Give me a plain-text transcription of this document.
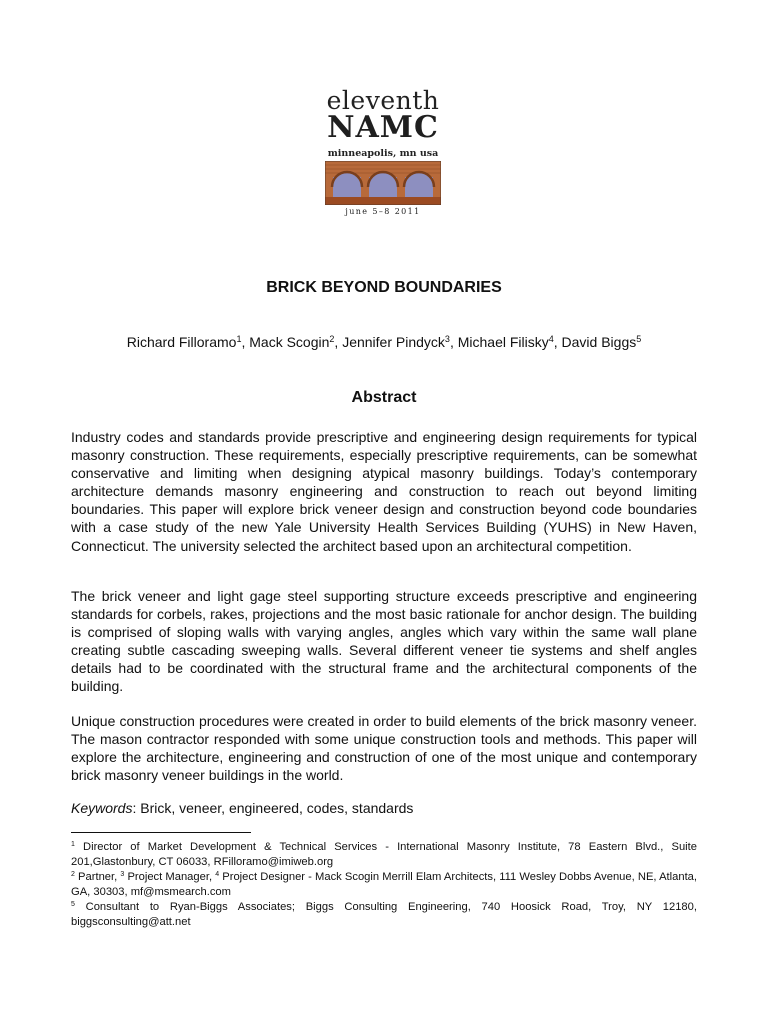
eleventh
NAMC
minneapolis, mn usa
june 5–8 2011
BRICK BEYOND BOUNDARIES
Richard Filloramo$^1$, Mack Scogin$^2$, Jennifer Pindyck$^3$, Michael Filisky$^4$, David Biggs$^5$
Abstract
Industry codes and standards provide prescriptive and engineering design requirements for typical masonry construction. These requirements, especially prescriptive requirements, can be somewhat conservative and limiting when designing atypical masonry buildings. Today’s contemporary architecture demands masonry engineering and construction to reach out beyond limiting boundaries. This paper will explore brick veneer design and construction beyond code boundaries with a case study of the new Yale University Health Services Building (YUHS) in New Haven, Connecticut. The university selected the architect based upon an architectural competition.
The brick veneer and light gage steel supporting structure exceeds prescriptive and engineering standards for corbels, rakes, projections and the most basic rationale for anchor design. The building is comprised of sloping walls with varying angles, angles which vary within the same wall plane creating subtle cascading sweeping walls. Several different veneer tie systems and shelf angles details had to be coordinated with the structural frame and the architectural components of the building.
Unique construction procedures were created in order to build elements of the brick masonry veneer. The mason contractor responded with some unique construction tools and methods. This paper will explore the architecture, engineering and construction of one of the most unique and contemporary brick masonry veneer buildings in the world.
Keywords: Brick, veneer, engineered, codes, standards
$^1$ Director of Market Development & Technical Services - International Masonry Institute, 78 Eastern Blvd., Suite 201,Glastonbury, CT 06033, RFilloramo@imiweb.org
$^2$ Partner, $^3$ Project Manager, $^4$ Project Designer - Mack Scogin Merrill Elam Architects, 111 Wesley Dobbs Avenue, NE, Atlanta, GA, 30303, mf@msmearch.com
$^5$ Consultant to Ryan-Biggs Associates; Biggs Consulting Engineering, 740 Hoosick Road, Troy, NY 12180, biggsconsulting@att.net
